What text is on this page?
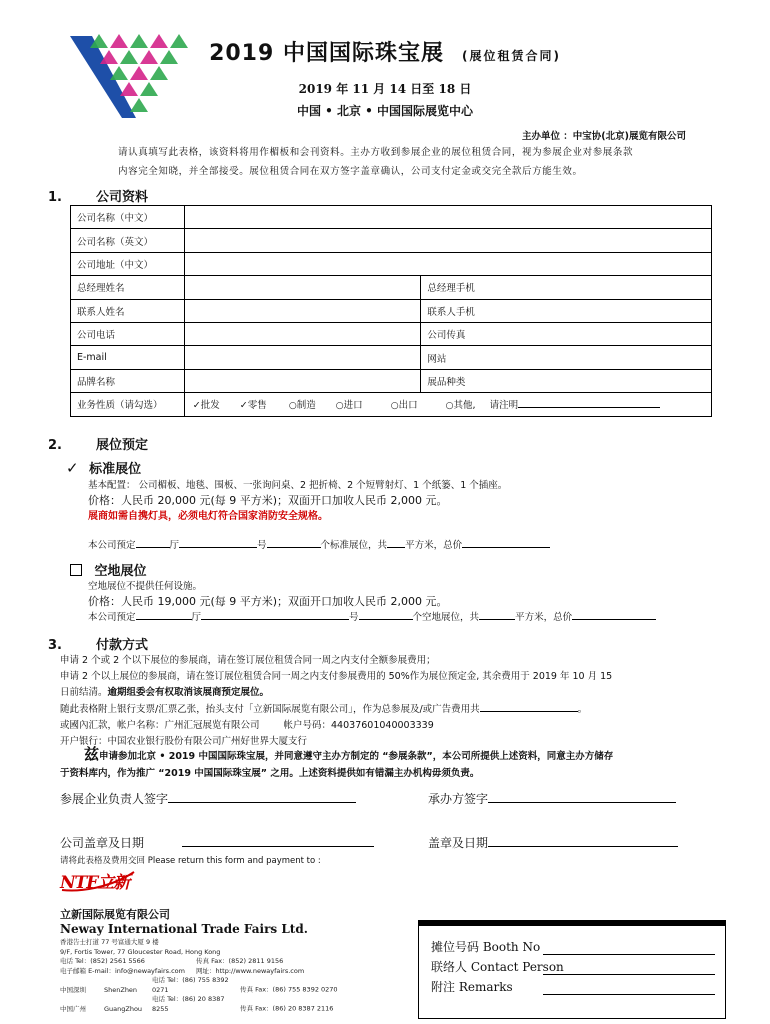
2019 中国国际珠宝展 (展位租赁合同)
2019 年 11 月 14 日至 18 日
中国 • 北京 • 中国国际展览中心
主办单位 ：中宝协(北京)展览有限公司
请认真填写此表格，该资料将用作楣板和会刊资料。主办方收到参展企业的展位租赁合同，视为参展企业对参展条款
内容完全知晓，并全部接受。展位租赁合同在双方签字盖章确认，公司支付定金或交完全款后方能生效。
1.	公司资料
公司名称（中文）		
公司名称（英文）		
公司地址（中文）		
总经理姓名		总经理手机
联系人姓名		联系人手机
公司电话		公司传真
E-mail		网站
品牌名称		展品种类
业务性质（请勾选）	✓批发 ✓零售 ○制造 ○进口 ○出口 ○其他, 请注明	
2.	展位预定
✓ 标准展位
基本配置： 公司楣板、地毯、围板、一张询问桌、2 把折椅、2 个短臂射灯、1 个纸篓、1 个插座。
价格：人民币 20,000 元(每 9 平方米)；双面开口加收人民币 2,000 元。
展商如需自携灯具，必须电灯符合国家消防安全规格。
本公司预定	厅	号	个标准展位，共 平方米，总价
空地展位
空地展位不提供任何设施。
价格：人民币 19,000 元(每 9 平方米)；双面开口加收人民币 2,000 元。
本公司预定	厅	号	个空地展位，共	平方米，总价
3.	付款方式
申请 2 个或 2 个以下展位的参展商，请在签订展位租赁合同一周之内支付全额参展费用；
申请 2 个以上展位的参展商，请在签订展位租赁合同一周之内支付参展费用的 50%作为展位预定金, 其余费用于 2019 年 10 月 15
日前结清。逾期组委会有权取消该展商预定展位。
随此表格附上银行支票/汇票乙张，抬头支付「立新国际展览有限公司」，作为总参展及/或广告费用共	。
或國內汇款，帐户名称：广州汇冠展览有限公司	帐户号码：44037601040003339
开户银行：中国农业银行股份有限公司广州好世界大厦支行
兹申请参加北京 • 2019 中国国际珠宝展，并同意遵守主办方制定的 “参展条款”，本公司所提供上述资料，同意主办方储存
于资料库内，作为推广 “2019 中国国际珠宝展” 之用。上述资料提供如有错漏主办机构毋须负责。
参展企业负责人签字	承办方签字
公司盖章及日期	盖章及日期
请将此表格及费用交回 Please return this form and payment to :
NTF立新
立新国际展览有限公司
Neway International Trade Fairs Ltd.
香港告士打道 77 号富通大厦 9 楼
9/F, Fortis Tower, 77 Gloucester Road, Hong Kong
电话 Tel：(852) 2561 5566	传真 Fax：(852) 2811 9156
电子邮箱 E-mail：info@newayfairs.com 网址：http://www.newayfairs.com
中国深圳	ShenZhen电话 Tel：(86) 755 8392 0271	传真 Fax：(86) 755 8392 0270
中国广州	GuangZhou电话 Tel：(86) 20 8387 8255	传真 Fax：(86) 20 8387 2116
摊位号码 Booth No
联络人 Contact Person
附注 Remarks
